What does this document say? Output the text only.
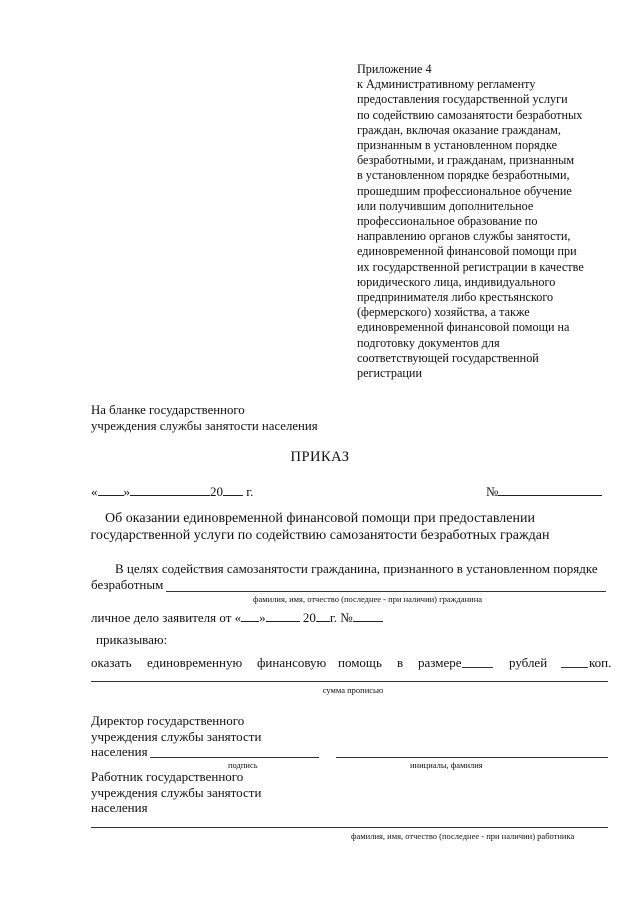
Приложение 4
к Административному регламенту
предоставления государственной услуги
по содействию самозанятости безработных
граждан, включая оказание гражданам,
признанным в установленном порядке
безработными, и гражданам, признанным
в установленном порядке безработными,
прошедшим профессиональное обучение
или получившим дополнительное
профессиональное образование по
направлению органов службы занятости,
единовременной финансовой помощи при
их государственной регистрации в качестве
юридического лица, индивидуального
предпринимателя либо крестьянского
(фермерского) хозяйства, а также
единовременной финансовой помощи на
подготовку документов для
соответствующей государственной
регистрации
На бланке государственного
учреждения службы занятости населения
ПРИКАЗ
« »	20 г.	№
Об оказании единовременной финансовой помощи при предоставлении
государственной услуги по содействию самозанятости безработных граждан
В целях содействия самозанятости гражданина, признанного в установленном порядке
безработным
фамилия, имя, отчество (последнее - при наличии) гражданина
личное дело заявителя от « »	20 г. №
приказываю:
оказать единовременную финансовую помощь в размере	рублей	коп.
сумма прописью
Директор государственного
учреждения службы занятости
населения
подпись	инициалы, фамилия
Работник государственного
учреждения службы занятости
населения
фамилия, имя, отчество (последнее - при наличии) работника
